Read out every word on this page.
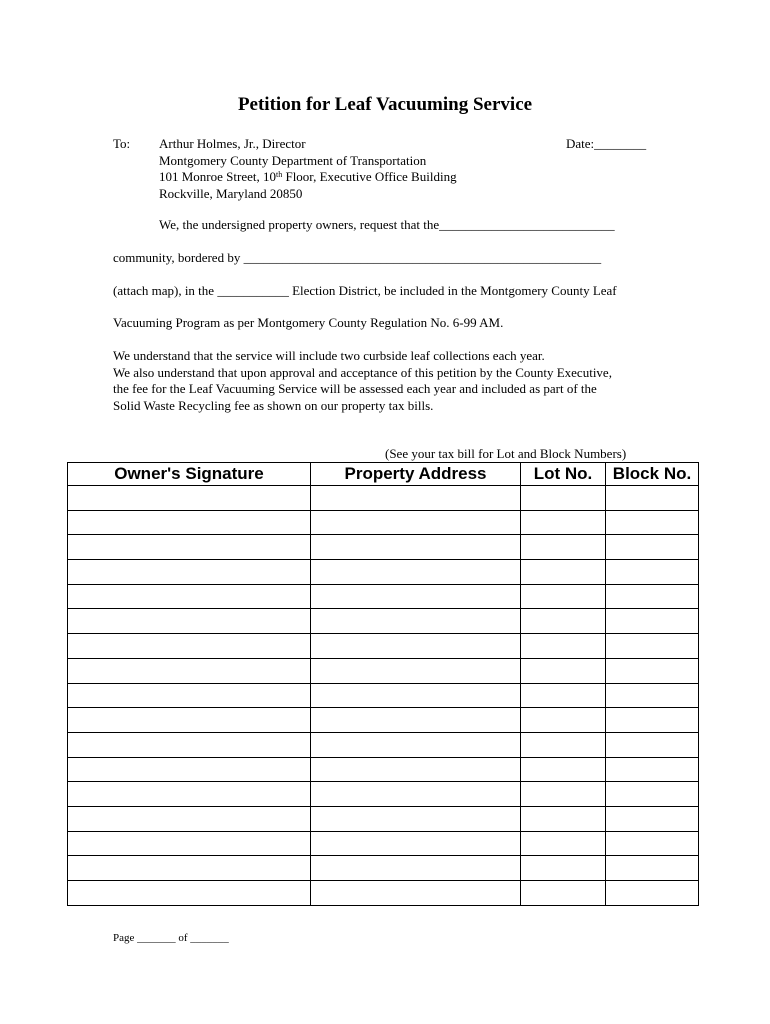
Petition for Leaf Vacuuming Service
To: Arthur Holmes, Jr., Director
Montgomery County Department of Transportation
101 Monroe Street, 10th Floor, Executive Office Building
Rockville, Maryland 20850
Date:________
We, the undersigned property owners, request that the___________________________
community, bordered by _______________________________________________________
(attach map), in the ___________ Election District, be included in the Montgomery County Leaf
Vacuuming Program as per Montgomery County Regulation No. 6-99 AM.
We understand that the service will include two curbside leaf collections each year.
We also understand that upon approval and acceptance of this petition by the County Executive,
the fee for the Leaf Vacuuming Service will be assessed each year and included as part of the
Solid Waste Recycling fee as shown on our property tax bills.
(See your tax bill for Lot and Block Numbers)
Owner's Signature	Property Address	Lot No.	Block No.

Page _______ of _______
